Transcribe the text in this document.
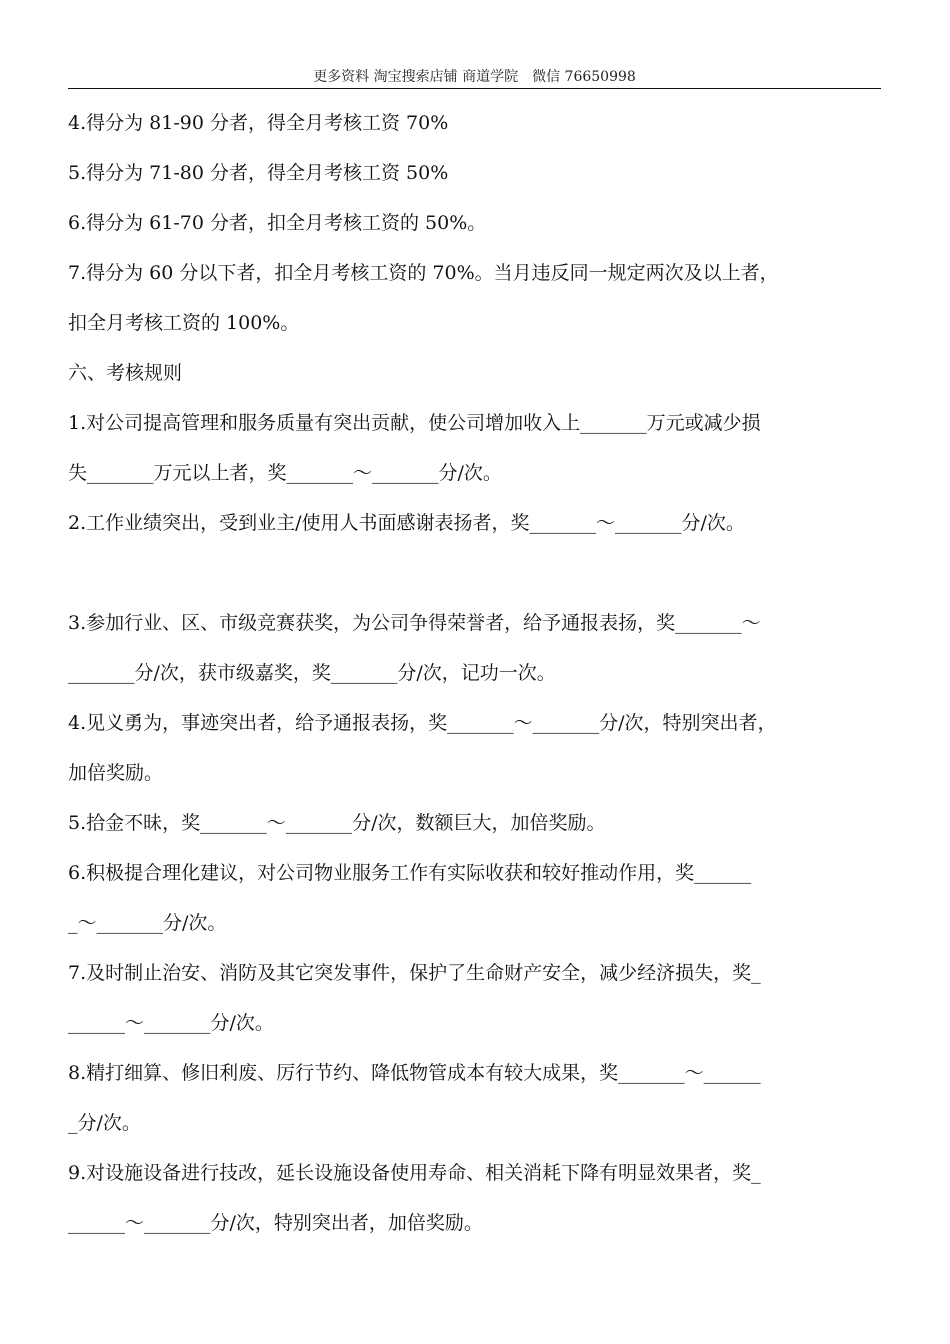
更多资料 淘宝搜索店铺 商道学院　微信 76650998
4.得分为 81-90 分者，得全月考核工资 70%
5.得分为 71-80 分者，得全月考核工资 50%
6.得分为 61-70 分者，扣全月考核工资的 50%。
7.得分为 60 分以下者，扣全月考核工资的 70%。当月违反同一规定两次及以上者，
扣全月考核工资的 100%。
六、考核规则
1.对公司提高管理和服务质量有突出贡献，使公司增加收入上_______万元或减少损
失_______万元以上者，奖_______～_______分/次。
2.工作业绩突出，受到业主/使用人书面感谢表扬者，奖_______～_______分/次。
3.参加行业、区、市级竞赛获奖，为公司争得荣誉者，给予通报表扬，奖_______～
_______分/次，获市级嘉奖，奖_______分/次，记功一次。
4.见义勇为，事迹突出者，给予通报表扬，奖_______～_______分/次，特别突出者，
加倍奖励。
5.拾金不昧，奖_______～_______分/次，数额巨大，加倍奖励。
6.积极提合理化建议，对公司物业服务工作有实际收获和较好推动作用，奖______
_～_______分/次。
7.及时制止治安、消防及其它突发事件，保护了生命财产安全，减少经济损失，奖_
______～_______分/次。
8.精打细算、修旧利废、厉行节约、降低物管成本有较大成果，奖_______～______
_分/次。
9.对设施设备进行技改，延长设施设备使用寿命、相关消耗下降有明显效果者，奖_
______～_______分/次，特别突出者，加倍奖励。
